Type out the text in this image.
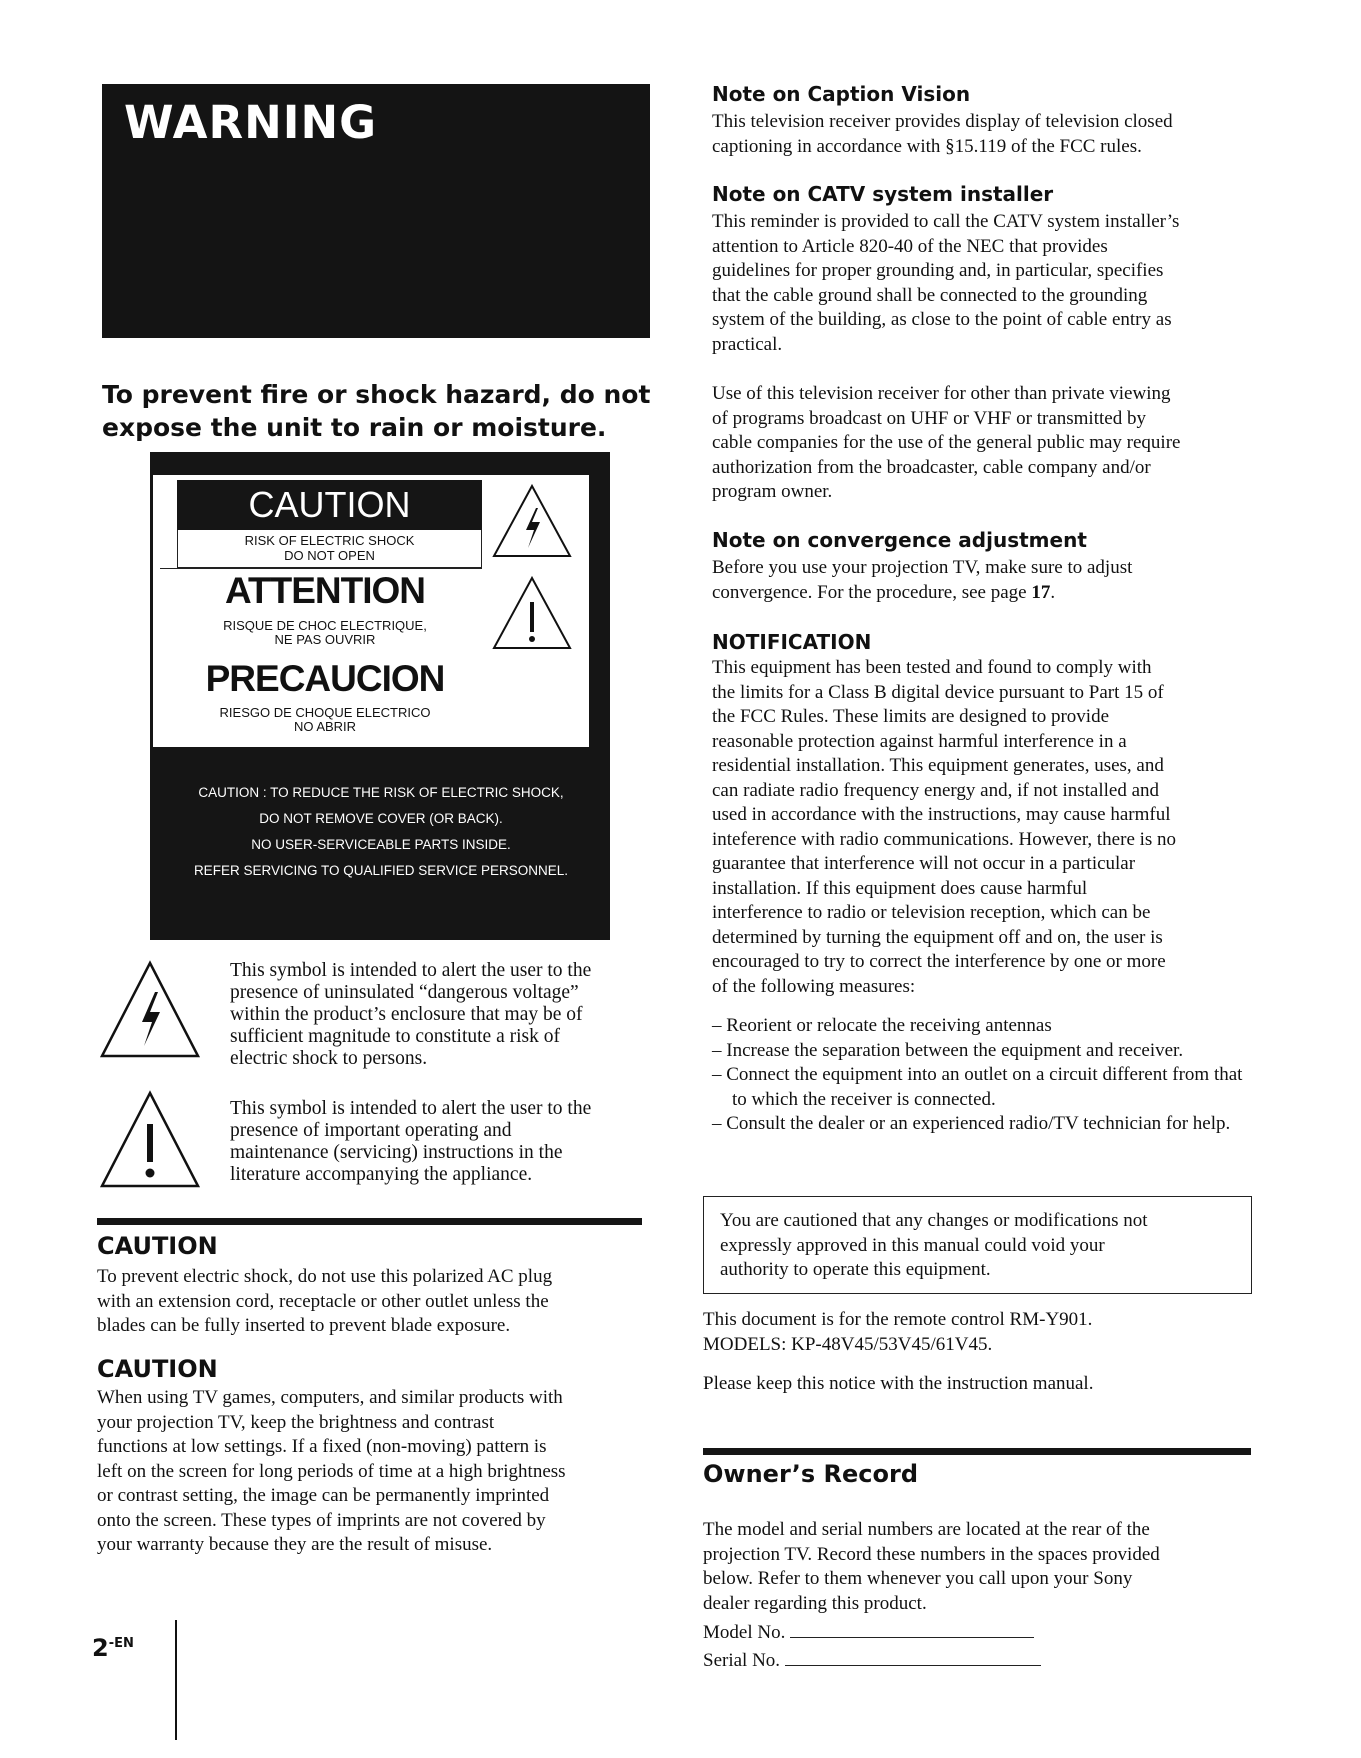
WARNING
To prevent fire or shock hazard, do not
expose the unit to rain or moisture.
CAUTION
RISK OF ELECTRIC SHOCK
DO NOT OPEN
ATTENTION
RISQUE DE CHOC ELECTRIQUE,
NE PAS OUVRIR
PRECAUCION
RIESGO DE CHOQUE ELECTRICO
NO ABRIR
CAUTION : TO REDUCE THE RISK OF ELECTRIC SHOCK,
DO NOT REMOVE COVER (OR BACK).
NO USER-SERVICEABLE PARTS INSIDE.
REFER SERVICING TO QUALIFIED SERVICE PERSONNEL.
This symbol is intended to alert the user to the
presence of uninsulated “dangerous voltage”
within the product’s enclosure that may be of
sufficient magnitude to constitute a risk of
electric shock to persons.
This symbol is intended to alert the user to the
presence of important operating and
maintenance (servicing) instructions in the
literature accompanying the appliance.
CAUTION
To prevent electric shock, do not use this polarized AC plug
with an extension cord, receptacle or other outlet unless the
blades can be fully inserted to prevent blade exposure.
CAUTION
When using TV games, computers, and similar products with
your projection TV, keep the brightness and contrast
functions at low settings. If a fixed (non-moving) pattern is
left on the screen for long periods of time at a high brightness
or contrast setting, the image can be permanently imprinted
onto the screen. These types of imprints are not covered by
your warranty because they are the result of misuse.
$2^{-EN}$
Note on Caption Vision
This television receiver provides display of television closed
captioning in accordance with §15.119 of the FCC rules.
Note on CATV system installer
This reminder is provided to call the CATV system installer’s
attention to Article 820-40 of the NEC that provides
guidelines for proper grounding and, in particular, specifies
that the cable ground shall be connected to the grounding
system of the building, as close to the point of cable entry as
practical.
Use of this television receiver for other than private viewing
of programs broadcast on UHF or VHF or transmitted by
cable companies for the use of the general public may require
authorization from the broadcaster, cable company and/or
program owner.
Note on convergence adjustment
Before you use your projection TV, make sure to adjust
convergence. For the procedure, see page 17.
NOTIFICATION
This equipment has been tested and found to comply with
the limits for a Class B digital device pursuant to Part 15 of
the FCC Rules. These limits are designed to provide
reasonable protection against harmful interference in a
residential installation. This equipment generates, uses, and
can radiate radio frequency energy and, if not installed and
used in accordance with the instructions, may cause harmful
inteference with radio communications. However, there is no
guarantee that interference will not occur in a particular
installation. If this equipment does cause harmful
interference to radio or television reception, which can be
determined by turning the equipment off and on, the user is
encouraged to try to correct the interference by one or more
of the following measures:
– Reorient or relocate the receiving antennas
– Increase the separation between the equipment and receiver.
– Connect the equipment into an outlet on a circuit different from that to which the receiver is connected.
– Consult the dealer or an experienced radio/TV technician for help.
You are cautioned that any changes or modifications not
expressly approved in this manual could void your
authority to operate this equipment.
This document is for the remote control RM-Y901.
MODELS: KP-48V45/53V45/61V45.
Please keep this notice with the instruction manual.
Owner’s Record
The model and serial numbers are located at the rear of the
projection TV. Record these numbers in the spaces provided
below. Refer to them whenever you call upon your Sony
dealer regarding this product.
Model No.
Serial No.
